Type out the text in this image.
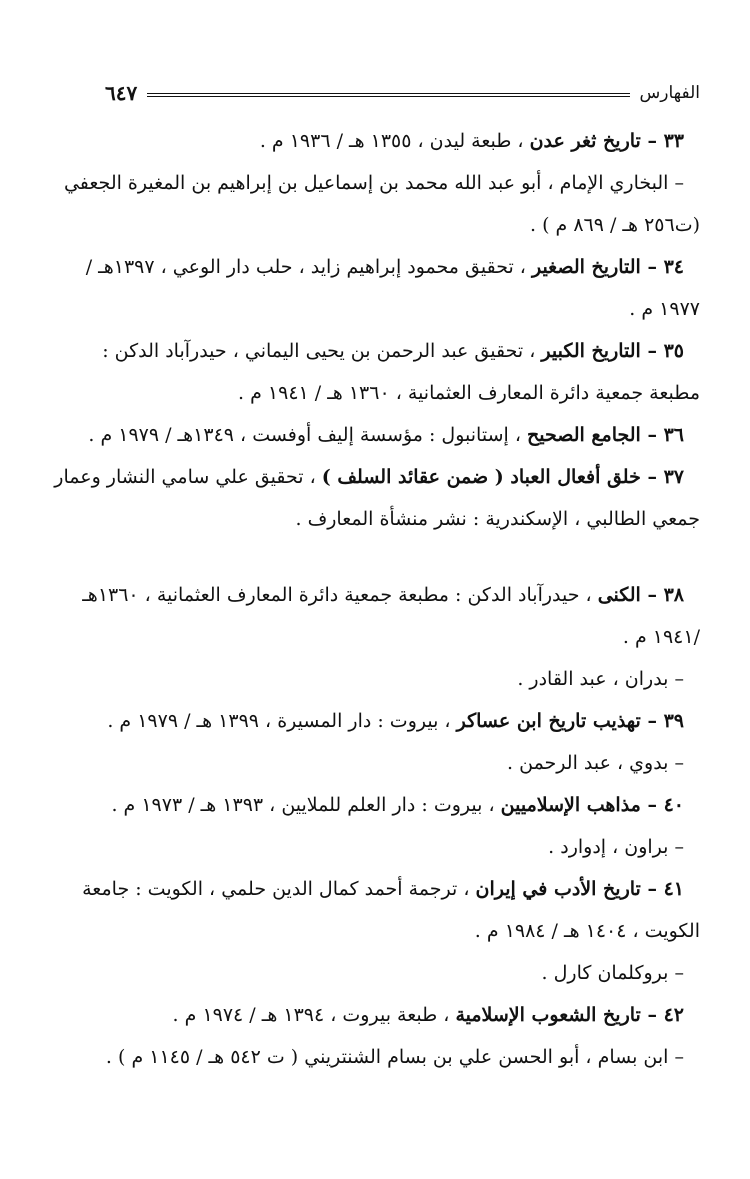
الفهارس
٦٤٧
٣٣ – تاريخ ثغر عدن ، طبعة ليدن ، ١٣٥٥ هـ / ١٩٣٦ م .
– البخاري الإمام ، أبو عبد الله محمد بن إسماعيل بن إبراهيم بن المغيرة الجعفي
(ت٢٥٦ هـ / ٨٦٩ م ) .
٣٤ – التاريخ الصغير ، تحقيق محمود إبراهيم زايد ، حلب دار الوعي ، ١٣٩٧هـ /
١٩٧٧ م .
٣٥ – التاريخ الكبير ، تحقيق عبد الرحمن بن يحيى اليماني ، حيدرآباد الدكن :
مطبعة جمعية دائرة المعارف العثمانية ، ١٣٦٠ هـ / ١٩٤١ م .
٣٦ – الجامع الصحيح ، إستانبول : مؤسسة إليف أوفست ، ١٣٤٩هـ / ١٩٧٩ م .
٣٧ – خلق أفعال العباد ( ضمن عقائد السلف ) ، تحقيق علي سامي النشار وعمار
جمعي الطالبي ، الإسكندرية : نشر منشأة المعارف .
٣٨ – الكنى ، حيدرآباد الدكن : مطبعة جمعية دائرة المعارف العثمانية ، ١٣٦٠هـ
/١٩٤١ م .
– بدران ، عبد القادر .
٣٩ – تهذيب تاريخ ابن عساكر ، بيروت : دار المسيرة ، ١٣٩٩ هـ / ١٩٧٩ م .
– بدوي ، عبد الرحمن .
٤٠ – مذاهب الإسلاميين ، بيروت : دار العلم للملايين ، ١٣٩٣ هـ / ١٩٧٣ م .
– براون ، إدوارد .
٤١ – تاريخ الأدب في إيران ، ترجمة أحمد كمال الدين حلمي ، الكويت : جامعة
الكويت ، ١٤٠٤ هـ / ١٩٨٤ م .
– بروكلمان كارل .
٤٢ – تاريخ الشعوب الإسلامية ، طبعة بيروت ، ١٣٩٤ هـ / ١٩٧٤ م .
– ابن بسام ، أبو الحسن علي بن بسام الشنتريني ( ت ٥٤٢ هـ / ١١٤٥ م ) .
